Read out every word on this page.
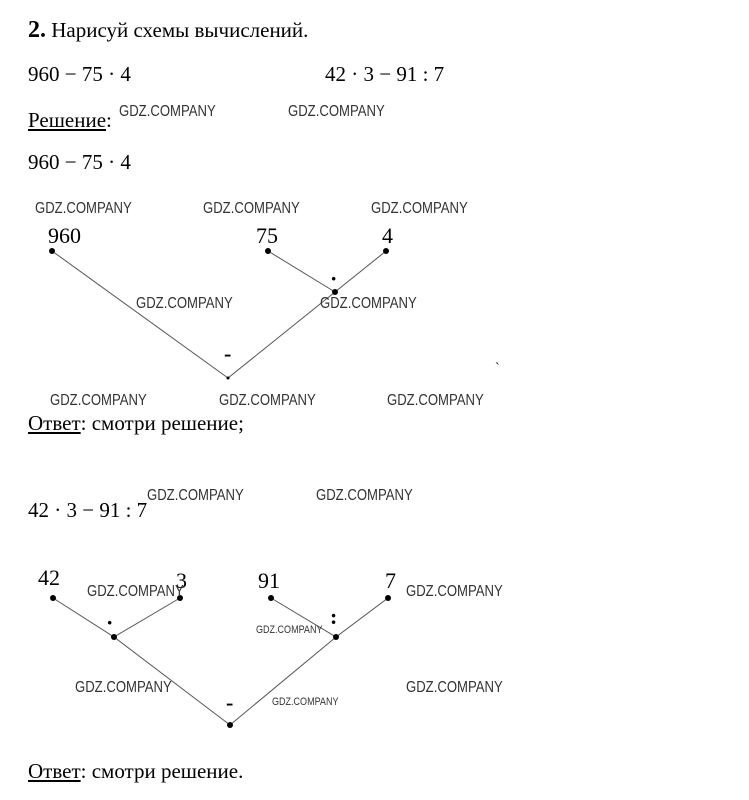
2. Нарисуй схемы вычислений.
960 − 75 · 4	42 · 3 − 91 : 7
Решение:
960 − 75 · 4
960	75	4
·
-
`
Ответ: смотри решение;
42 · 3 − 91 : 7
42	3	91	7
·	:
-
Ответ: смотри решение.
GDZ.COMPANY	GDZ.COMPANY
GDZ.COMPANY	GDZ.COMPANY	GDZ.COMPANY
GDZ.COMPANY	GDZ.COMPANY
GDZ.COMPANY	GDZ.COMPANY	GDZ.COMPANY
GDZ.COMPANY	GDZ.COMPANY
GDZ.COMPANY	GDZ.COMPANY
GDZ.COMPANY
GDZ.COMPANY	GDZ.COMPANY
GDZ.COMPANY
